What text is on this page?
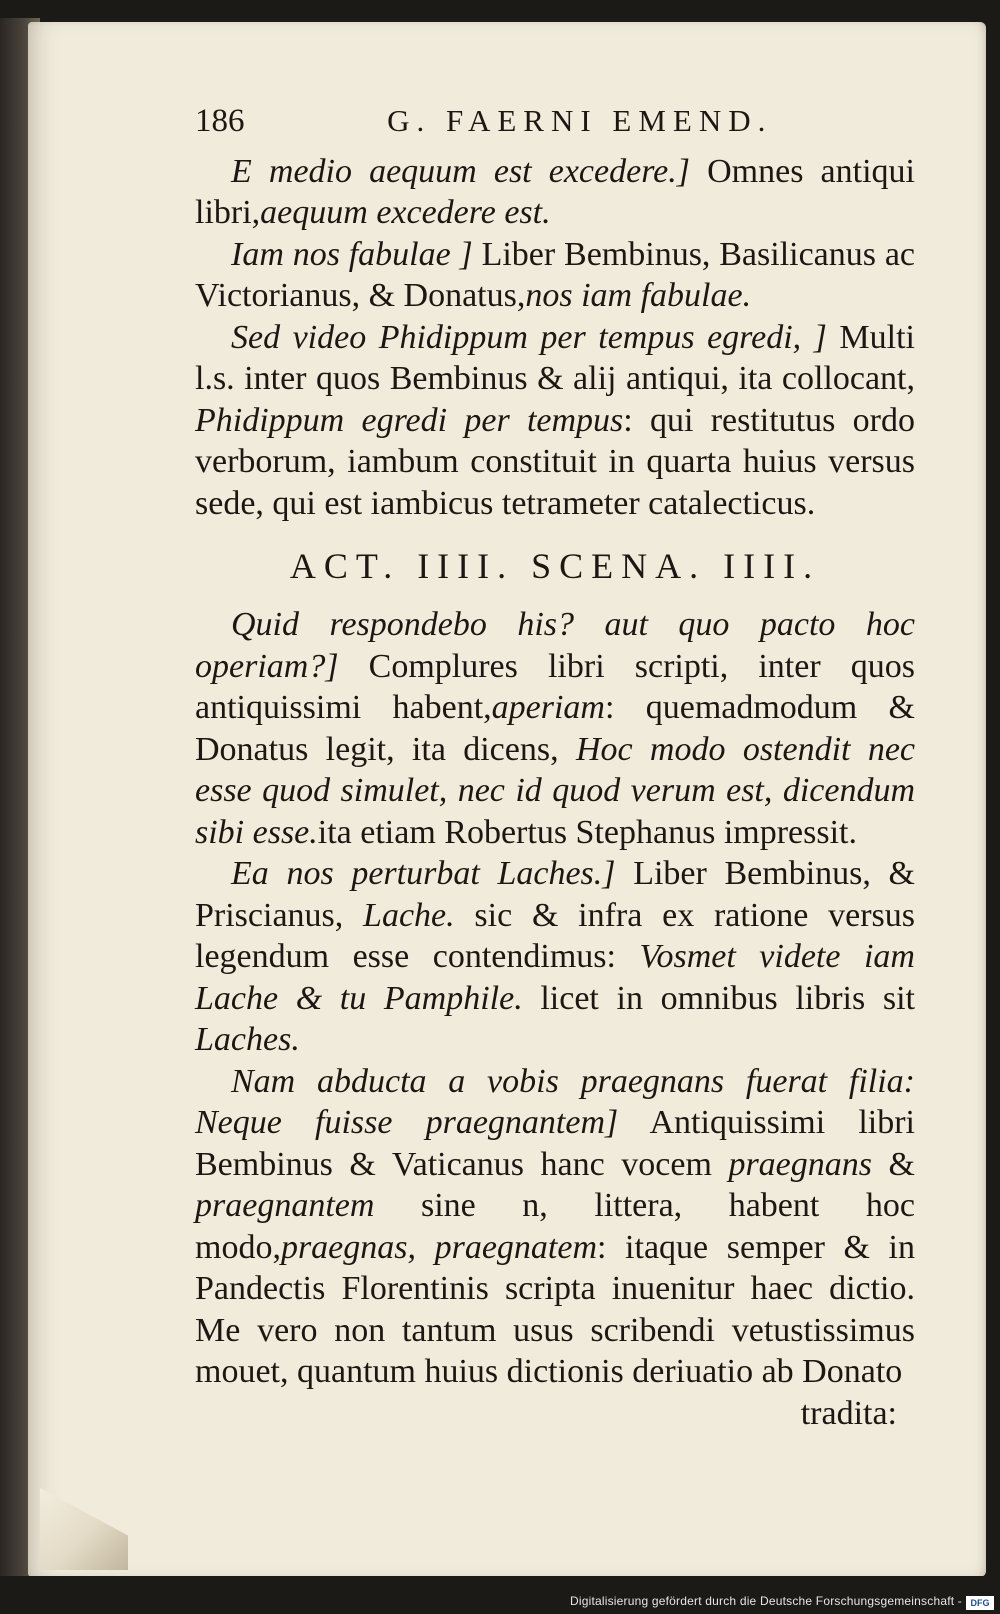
186	G. FAERNI EMEND.

E medio aequum est excedere.] Omnes antiqui libri,aequum excedere est.

Iam nos fabulae ] Liber Bembinus, Basilicanus ac Victorianus, & Donatus,nos iam fabulae.

Sed video Phidippum per tempus egredi, ] Multi l.s. inter quos Bembinus & alij antiqui, ita collocant, Phidippum egredi per tempus: qui restitutus ordo verborum, iambum constituit in quarta huius versus sede, qui est iambicus tetrameter catalecticus.

ACT. IIII. SCENA. IIII.

Quid respondebo his? aut quo pacto hoc operiam?] Complures libri scripti, inter quos antiquissimi habent,aperiam: quemadmodum & Donatus legit, ita dicens, Hoc modo ostendit nec esse quod simulet, nec id quod verum est, dicendum sibi esse.ita etiam Robertus Stephanus impressit.

Ea nos perturbat Laches.] Liber Bembinus, & Priscianus, Lache. sic & infra ex ratione versus legendum esse contendimus: Vosmet videte iam Lache & tu Pamphile. licet in omnibus libris sit Laches.

Nam abducta a vobis praegnans fuerat filia: Neque fuisse praegnantem] Antiquissimi libri Bembinus & Vaticanus hanc vocem praegnans & praegnantem sine n, littera, habent hoc modo,praegnas, praegnatem: itaque semper & in Pandectis Florentinis scripta inuenitur haec dictio. Me vero non tantum usus scribendi vetustissimus mouet, quantum huius dictionis deriuatio ab Donato

tradita:
Digitalisierung gefördert durch die Deutsche Forschungsgemeinschaft - DFG
